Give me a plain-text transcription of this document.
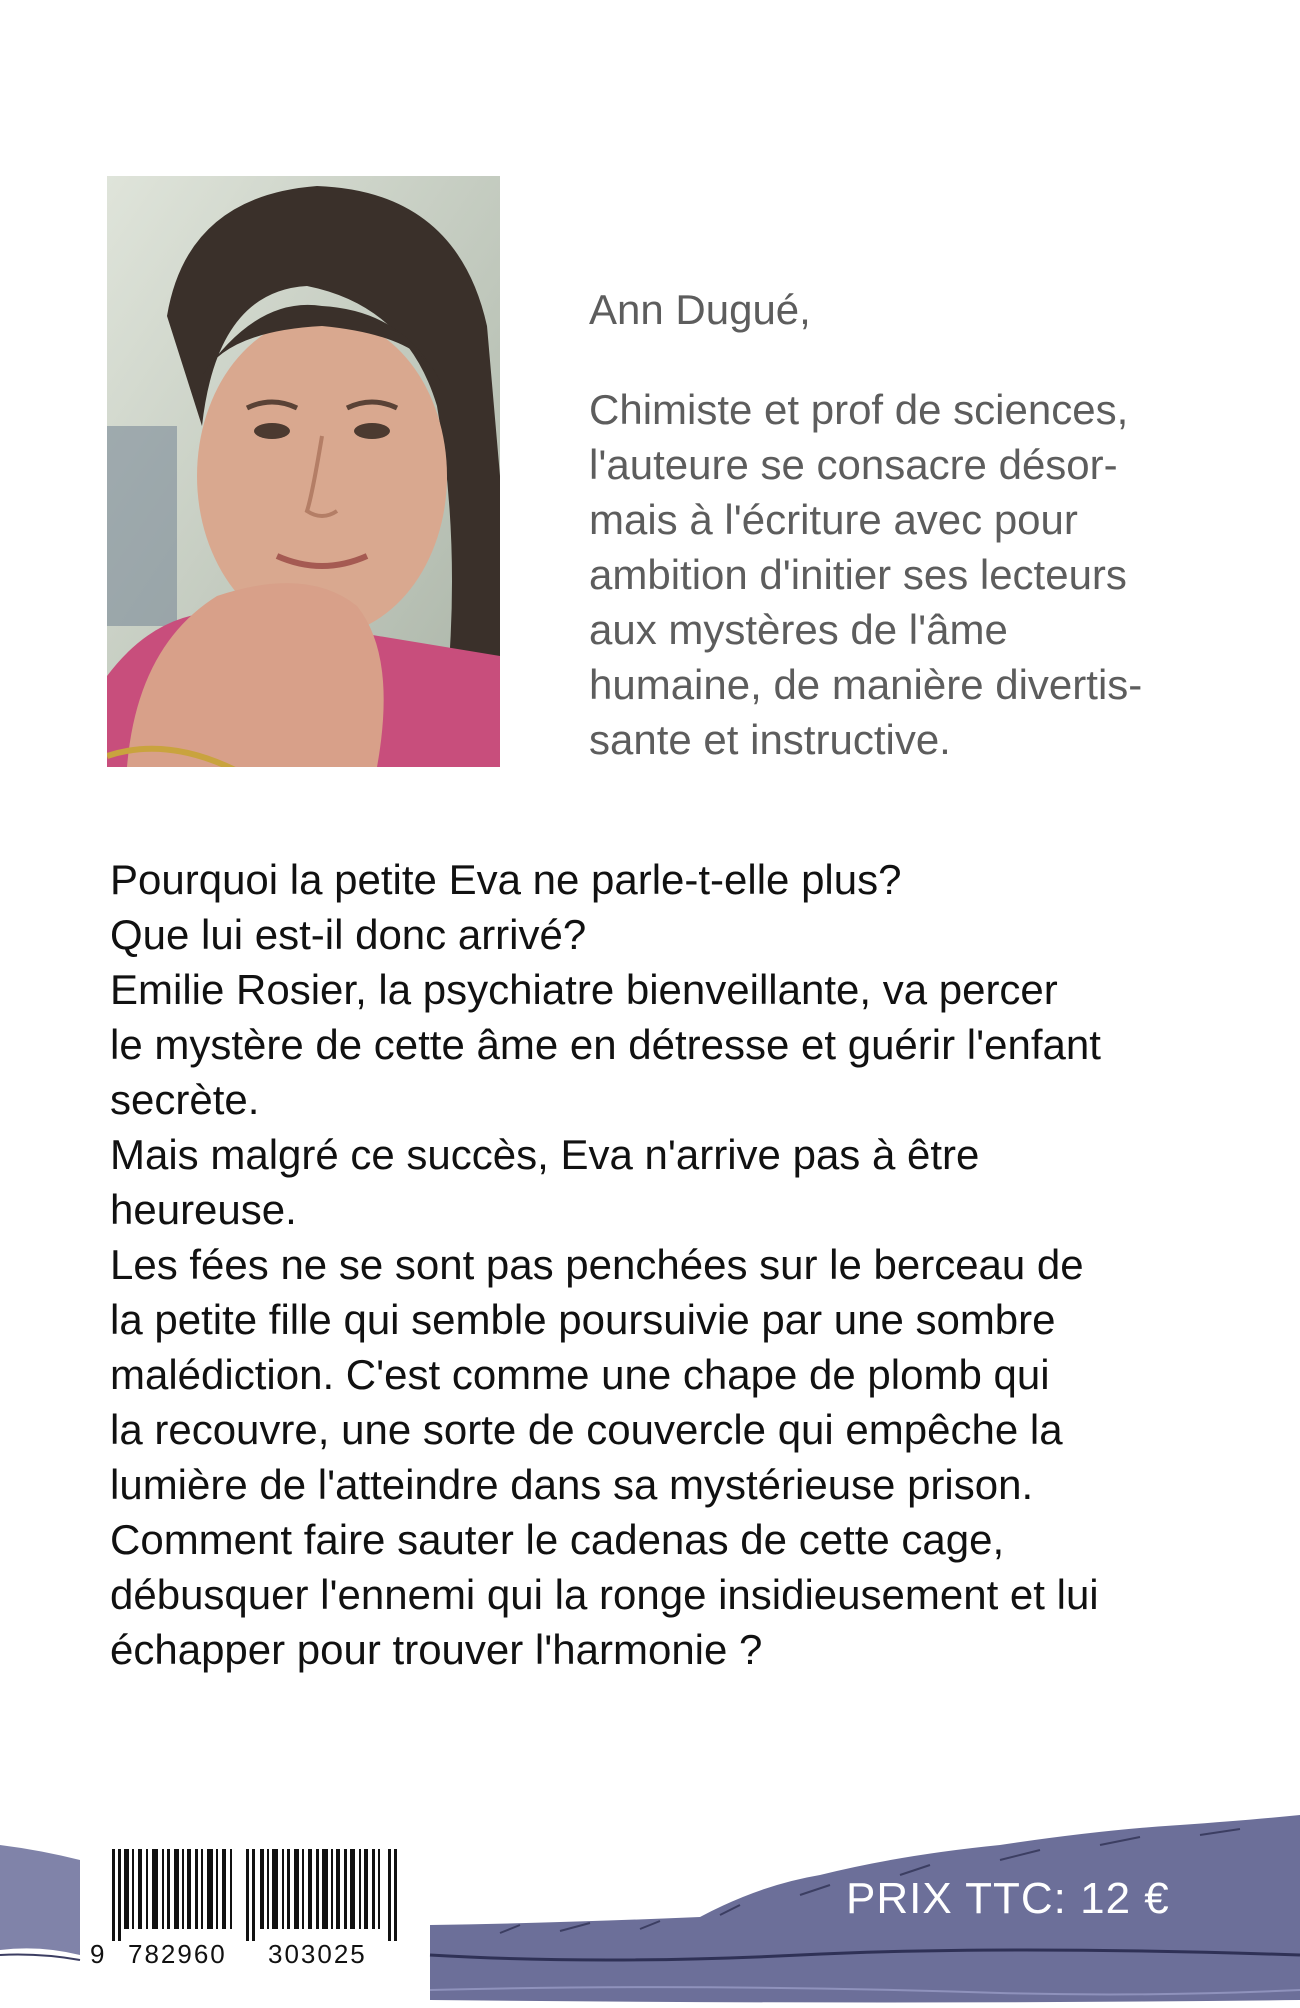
Ann Dugué,
Chimiste et prof de sciences,
l'auteure se consacre désor-
mais à l'écriture avec pour
ambition d'initier ses lecteurs
aux mystères de l'âme
humaine, de manière divertis-
sante et instructive.
Pourquoi la petite Eva ne parle-t-elle plus?
Que lui est-il donc arrivé?
Emilie Rosier, la psychiatre bienveillante, va percer
le mystère de cette âme en détresse et guérir l'enfant
secrète.
Mais malgré ce succès, Eva n'arrive pas à être
heureuse.
Les fées ne se sont pas penchées sur le berceau de
la petite fille qui semble poursuivie par une sombre
malédiction. C'est comme une chape de plomb qui
la recouvre, une sorte de couvercle qui empêche la
lumière de l'atteindre dans sa mystérieuse prison.
Comment faire sauter le cadenas de cette cage,
débusquer l'ennemi qui la ronge insidieusement et lui
échapper pour trouver l'harmonie ?
9 782960 303025
PRIX TTC: 12 €
